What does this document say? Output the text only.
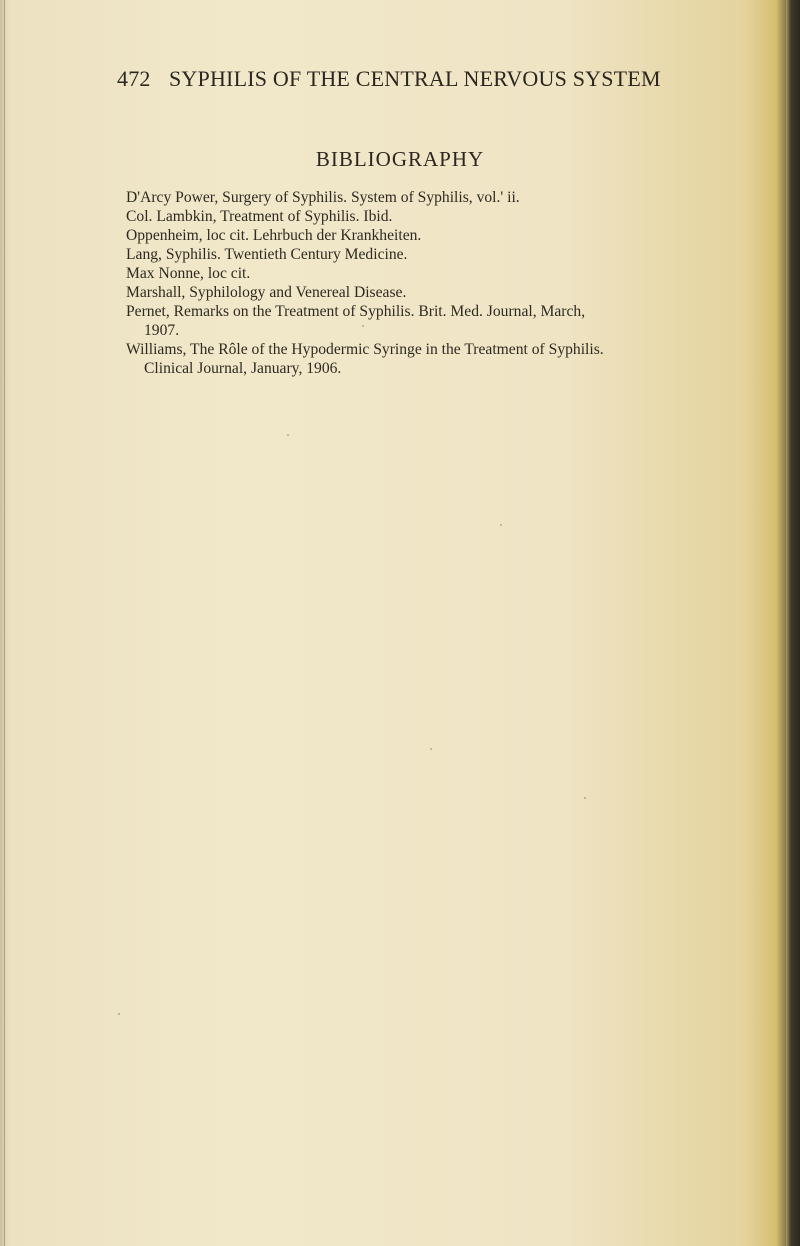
472 SYPHILIS OF THE CENTRAL NERVOUS SYSTEM
BIBLIOGRAPHY
D'Arcy Power, Surgery of Syphilis. System of Syphilis, vol.' ii.
Col. Lambkin, Treatment of Syphilis. Ibid.
Oppenheim, loc cit. Lehrbuch der Krankheiten.
Lang, Syphilis. Twentieth Century Medicine.
Max Nonne, loc cit.
Marshall, Syphilology and Venereal Disease.
Pernet, Remarks on the Treatment of Syphilis. Brit. Med. Journal, March,
1907.
Williams, The Rôle of the Hypodermic Syringe in the Treatment of Syphilis.
Clinical Journal, January, 1906.
